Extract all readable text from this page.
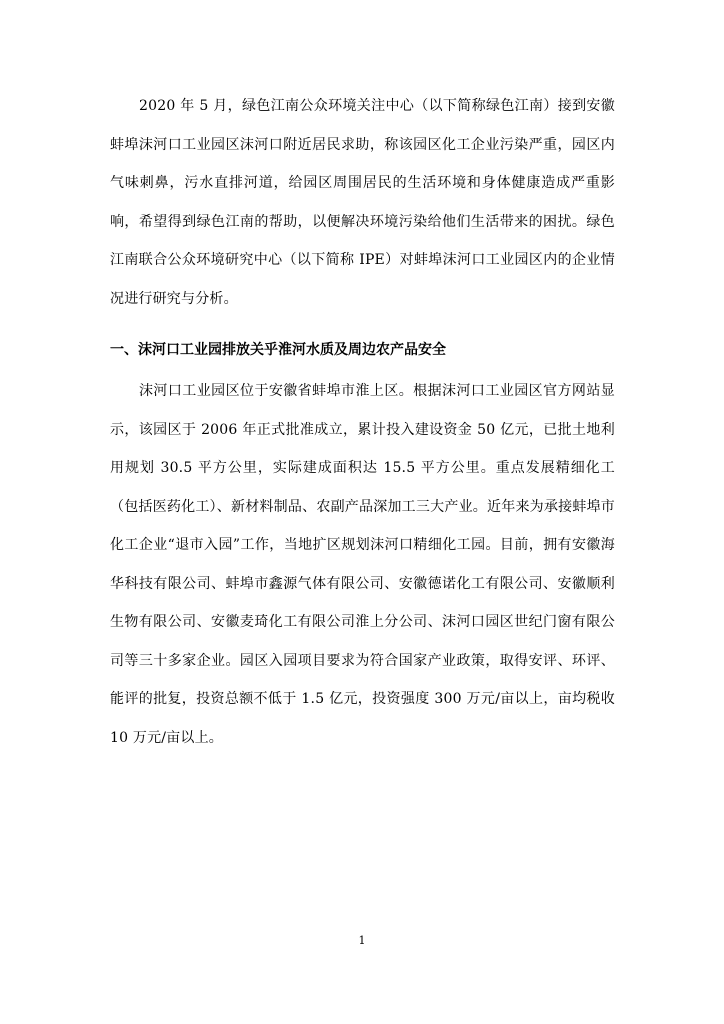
2020 年 5 月，绿色江南公众环境关注中心（以下简称绿色江南）接到安徽蚌埠沫河口工业园区沫河口附近居民求助，称该园区化工企业污染严重，园区内气味刺鼻，污水直排河道，给园区周围居民的生活环境和身体健康造成严重影响，希望得到绿色江南的帮助，以便解决环境污染给他们生活带来的困扰。绿色江南联合公众环境研究中心（以下简称 IPE）对蚌埠沫河口工业园区内的企业情况进行研究与分析。

一、沫河口工业园排放关乎淮河水质及周边农产品安全

沫河口工业园区位于安徽省蚌埠市淮上区。根据沫河口工业园区官方网站显示，该园区于 2006 年正式批准成立，累计投入建设资金 50 亿元，已批土地利用规划 30.5 平方公里，实际建成面积达 15.5 平方公里。重点发展精细化工（包括医药化工）、新材料制品、农副产品深加工三大产业。近年来为承接蚌埠市化工企业“退市入园”工作，当地扩区规划沫河口精细化工园。目前，拥有安徽海华科技有限公司、蚌埠市鑫源气体有限公司、安徽德诺化工有限公司、安徽顺利生物有限公司、安徽麦琦化工有限公司淮上分公司、沫河口园区世纪门窗有限公司等三十多家企业。园区入园项目要求为符合国家产业政策，取得安评、环评、能评的批复，投资总额不低于 1.5 亿元，投资强度 300 万元/亩以上，亩均税收 10 万元/亩以上。

1
